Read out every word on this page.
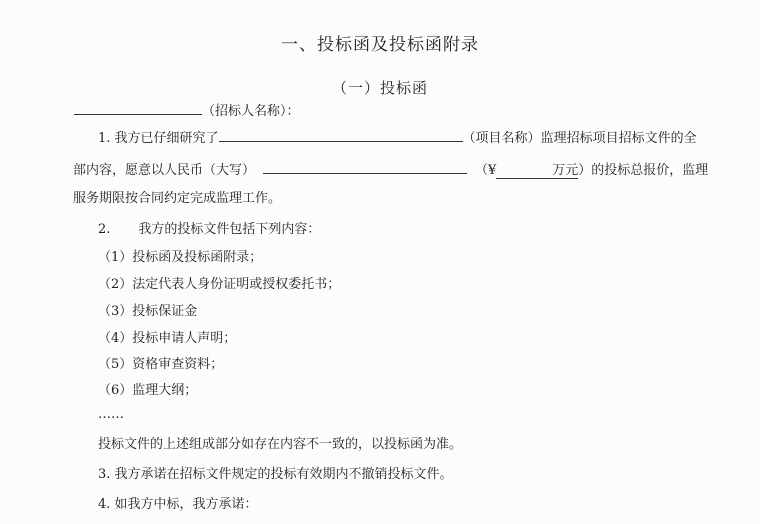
一、投标函及投标函附录
（一）投标函
（招标人名称）：
1. 我方已仔细研究了	（项目名称）监理招标项目招标文件的全
部内容，愿意以人民币（大写）	（¥	万元）的投标总报价，监理
服务期限按合同约定完成监理工作。
2. 我方的投标文件包括下列内容：
（1）投标函及投标函附录；
（2）法定代表人身份证明或授权委托书；
（3）投标保证金
（4）投标申请人声明；
（5）资格审查资料；
（6）监理大纲；
……
投标文件的上述组成部分如存在内容不一致的，以投标函为准。
3. 我方承诺在招标文件规定的投标有效期内不撤销投标文件。
4. 如我方中标，我方承诺：
